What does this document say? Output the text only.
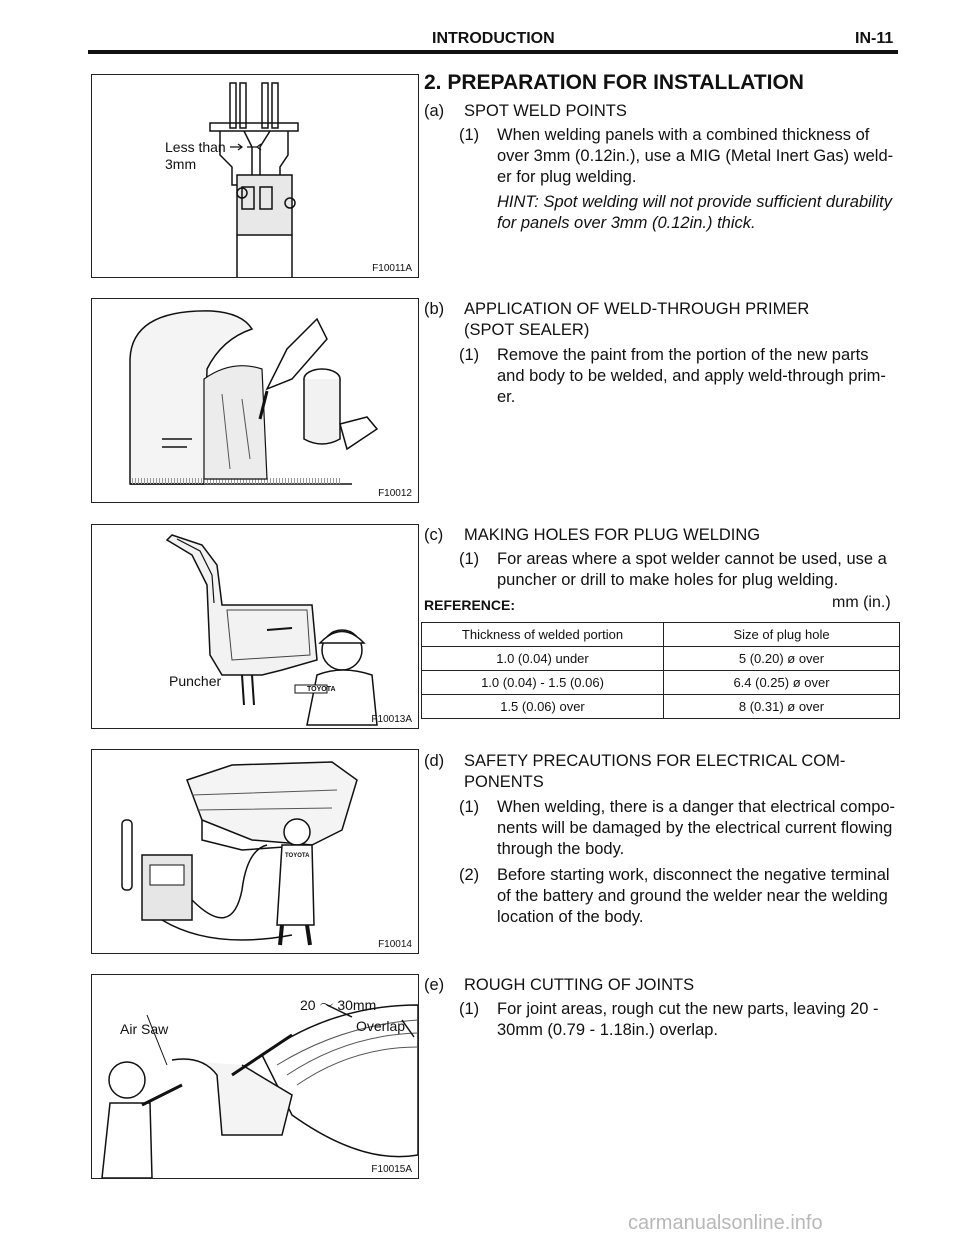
INTRODUCTION	IN-11
Less than
3mm
F10011A
F10012
TOYOTA
Puncher
F10013A
TOYOTA
F10014
20 ～ 30mm
Air Saw	Overlap
F10015A
2. PREPARATION FOR INSTALLATION
(a) SPOT WELD POINTS
(1) When welding panels with a combined thickness of
over 3mm (0.12in.), use a MIG (Metal Inert Gas) weld-
er for plug welding.
HINT: Spot welding will not provide sufficient durability
for panels over 3mm (0.12in.) thick.
(b) APPLICATION OF WELD-THROUGH PRIMER
(SPOT SEALER)
(1) Remove the paint from the portion of the new parts
and body to be welded, and apply weld-through prim-
er.
(c) MAKING HOLES FOR PLUG WELDING
(1) For areas where a spot welder cannot be used, use a
puncher or drill to make holes for plug welding.
REFERENCE:	mm (in.)
Thickness of welded portion	Size of plug hole
1.0 (0.04) under	5 (0.20) ø over
1.0 (0.04) - 1.5 (0.06)	6.4 (0.25) ø over
1.5 (0.06) over	8 (0.31) ø over
(d) SAFETY PRECAUTIONS FOR ELECTRICAL COM-
PONENTS
(1) When welding, there is a danger that electrical compo-
nents will be damaged by the electrical current flowing
through the body.
(2) Before starting work, disconnect the negative terminal
of the battery and ground the welder near the welding
location of the body.
(e) ROUGH CUTTING OF JOINTS
(1) For joint areas, rough cut the new parts, leaving 20 -
30mm (0.79 - 1.18in.) overlap.
carmanualsonline.info
